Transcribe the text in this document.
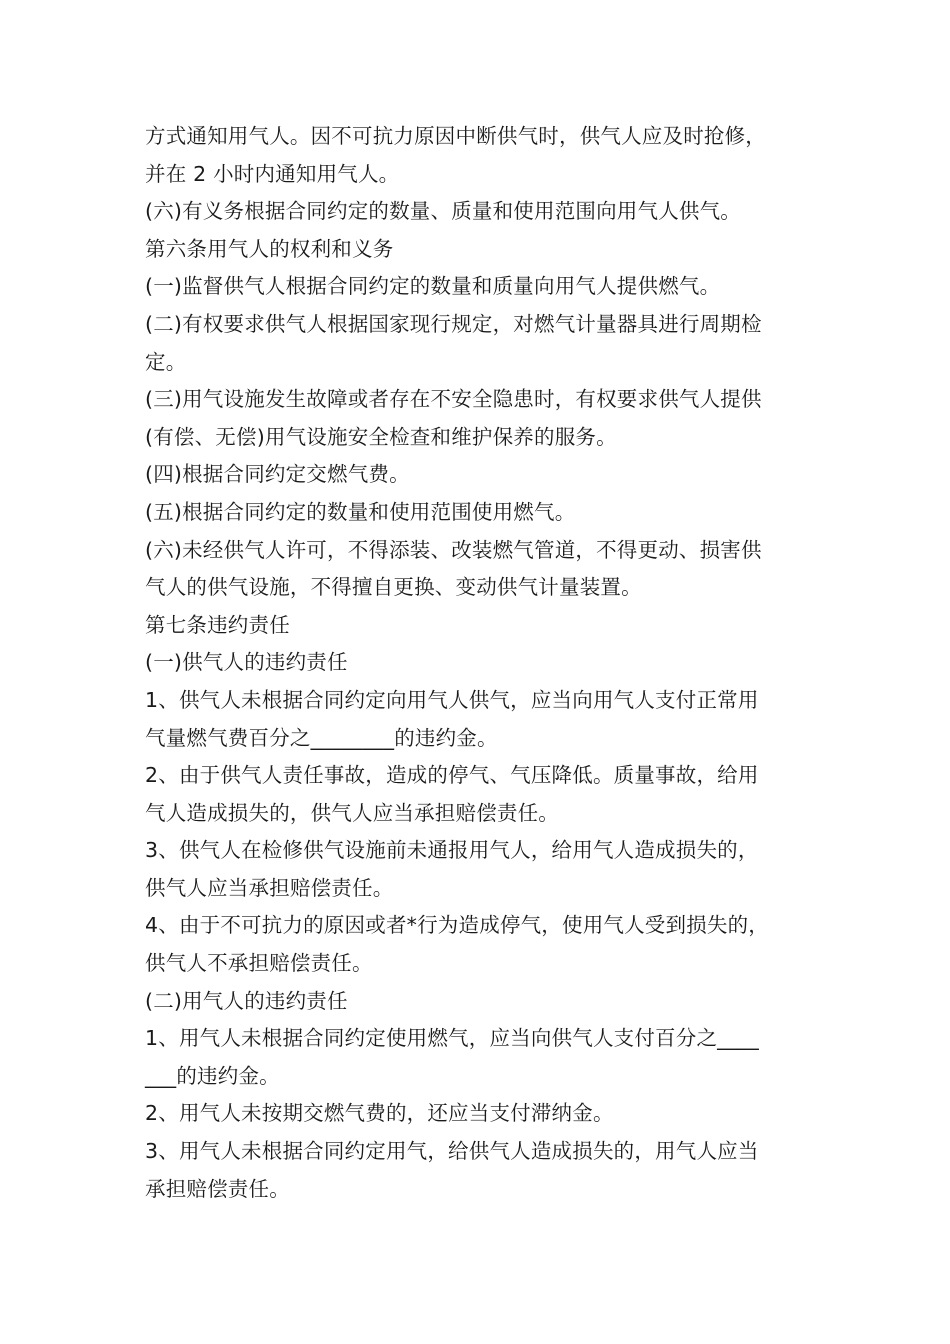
方式通知用气人。因不可抗力原因中断供气时，供气人应及时抢修，
并在 2 小时内通知用气人。
(六)有义务根据合同约定的数量、质量和使用范围向用气人供气。
第六条用气人的权利和义务
(一)监督供气人根据合同约定的数量和质量向用气人提供燃气。
(二)有权要求供气人根据国家现行规定，对燃气计量器具进行周期检
定。
(三)用气设施发生故障或者存在不安全隐患时，有权要求供气人提供
(有偿、无偿)用气设施安全检查和维护保养的服务。
(四)根据合同约定交燃气费。
(五)根据合同约定的数量和使用范围使用燃气。
(六)未经供气人许可，不得添装、改装燃气管道，不得更动、损害供
气人的供气设施，不得擅自更换、变动供气计量装置。
第七条违约责任
(一)供气人的违约责任
1、供气人未根据合同约定向用气人供气，应当向用气人支付正常用
气量燃气费百分之________的违约金。
2、由于供气人责任事故，造成的停气、气压降低。质量事故，给用
气人造成损失的，供气人应当承担赔偿责任。
3、供气人在检修供气设施前未通报用气人，给用气人造成损失的，
供气人应当承担赔偿责任。
4、由于不可抗力的原因或者*行为造成停气，使用气人受到损失的，
供气人不承担赔偿责任。
(二)用气人的违约责任
1、用气人未根据合同约定使用燃气，应当向供气人支付百分之____
___的违约金。
2、用气人未按期交燃气费的，还应当支付滞纳金。
3、用气人未根据合同约定用气，给供气人造成损失的，用气人应当
承担赔偿责任。
